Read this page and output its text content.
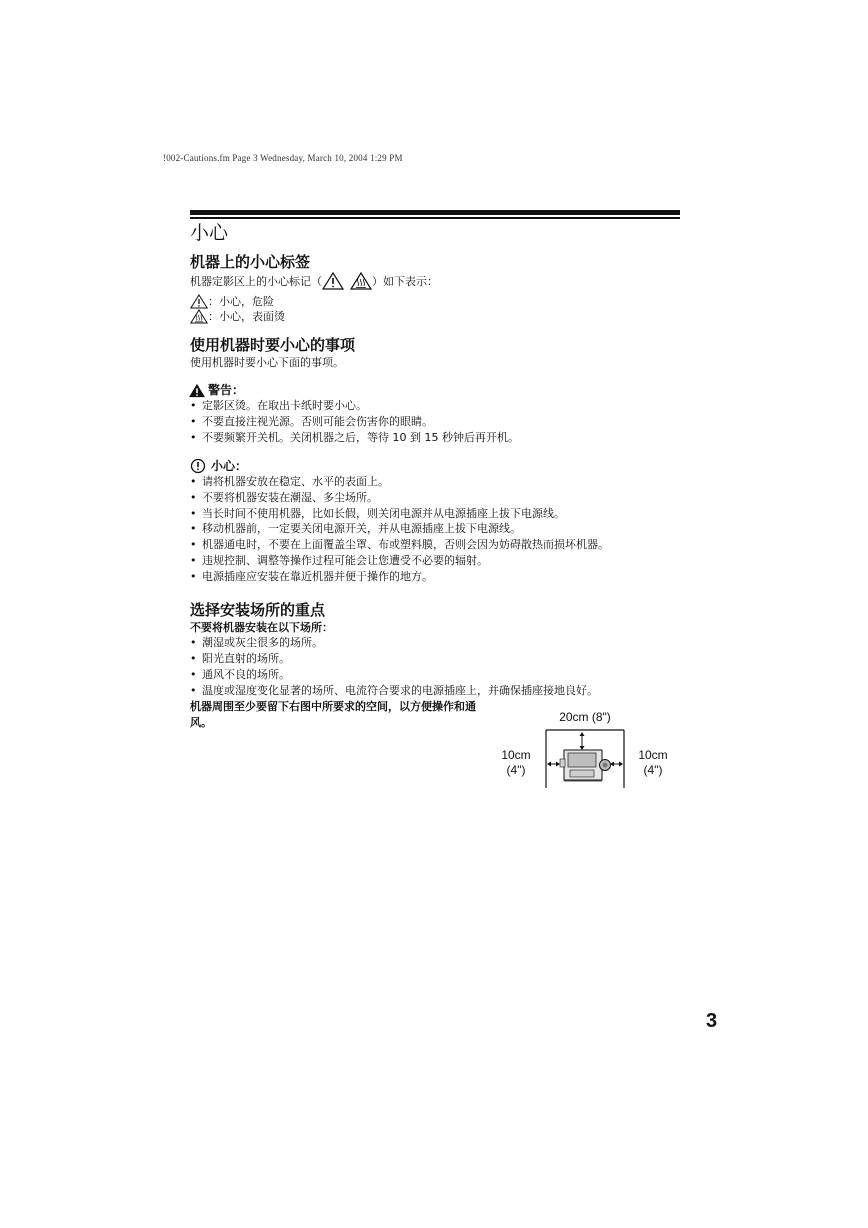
!002-Cautions.fm Page 3 Wednesday, March 10, 2004 1:29 PM
小心
机器上的小心标签
机器定影区上的小心标记（	）如下表示：
：小心，危险
：小心，表面烫
使用机器时要小心的事项

使用机器时要小心下面的事项。

警告：
• 定影区烫。在取出卡纸时要小心。
• 不要直接注视光源。否则可能会伤害你的眼睛。
• 不要频繁开关机。关闭机器之后，等待 10 到 15 秒钟后再开机。
小心：
• 请将机器安放在稳定、水平的表面上。
• 不要将机器安装在潮湿、多尘场所。
• 当长时间不使用机器，比如长假，则关闭电源并从电源插座上拔下电源线。
• 移动机器前，一定要关闭电源开关，并从电源插座上拔下电源线。
• 机器通电时，不要在上面覆盖尘罩、布或塑料膜，否则会因为妨碍散热而损坏机器。
• 违规控制、调整等操作过程可能会让您遭受不必要的辐射。
• 电源插座应安装在靠近机器并便于操作的地方。
选择安装场所的重点

不要将机器安装在以下场所：

• 潮湿或灰尘很多的场所。
• 阳光直射的场所。
• 通风不良的场所。
• 温度或湿度变化显著的场所、电流符合要求的电源插座上，并确保插座接地良好。
机器周围至少要留下右图中所要求的空间，以方便操作和通风。	20cm (8")
10cm
(4")
10cm
(4")
3
